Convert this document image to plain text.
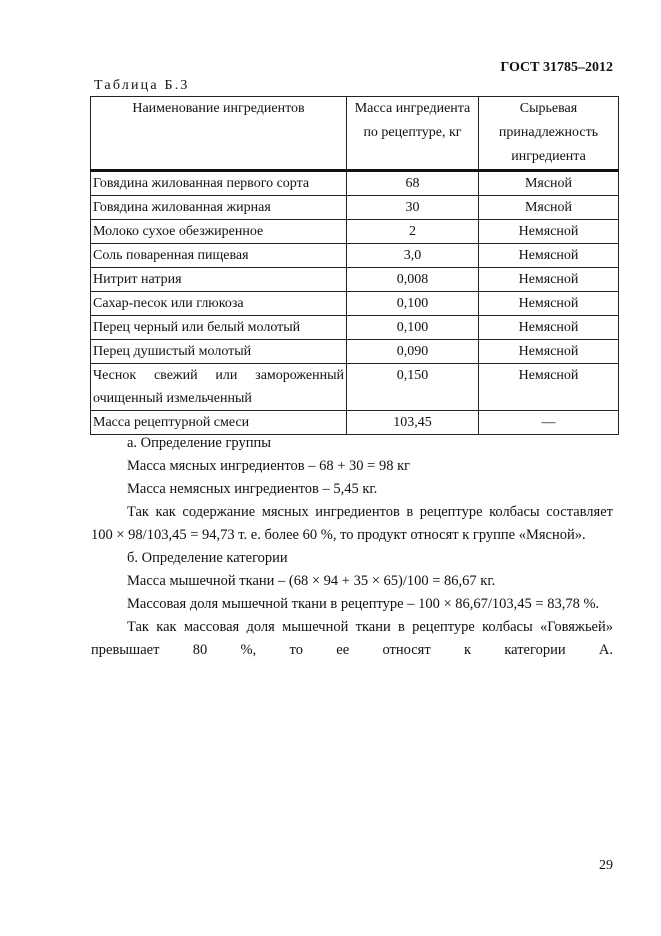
ГОСТ 31785–2012
Таблица Б.3
Наименование ингредиентов	Масса ингредиента по рецептуре, кг	Сырьевая принадлежность ингредиента
Говядина жилованная первого сорта	68	Мясной
Говядина жилованная жирная	30	Мясной
Молоко сухое обезжиренное	2	Немясной
Соль поваренная пищевая	3,0	Немясной
Нитрит натрия	0,008	Немясной
Сахар-песок или глюкоза	0,100	Немясной
Перец черный или белый молотый	0,100	Немясной
Перец душистый молотый	0,090	Немясной
Чеснок свежий или замороженный очищенный измельченный	0,150	Немясной
Масса рецептурной смеси	103,45	—

а. Определение группы

Масса мясных ингредиентов – 68 + 30 = 98 кг

Масса немясных ингредиентов – 5,45 кг.

Так как содержание мясных ингредиентов в рецептуре колбасы составляет 100 × 98/103,45 = 94,73 т. е. более 60 %, то продукт относят к группе «Мясной».

б. Определение категории

Масса мышечной ткани – (68 × 94 + 35 × 65)/100 = 86,67 кг.

Массовая доля мышечной ткани в рецептуре – 100 × 86,67/103,45 = 83,78 %.

Так как массовая доля мышечной ткани в рецептуре колбасы «Говяжьей» превышает 80 %, то ее относят к категории А.

29
